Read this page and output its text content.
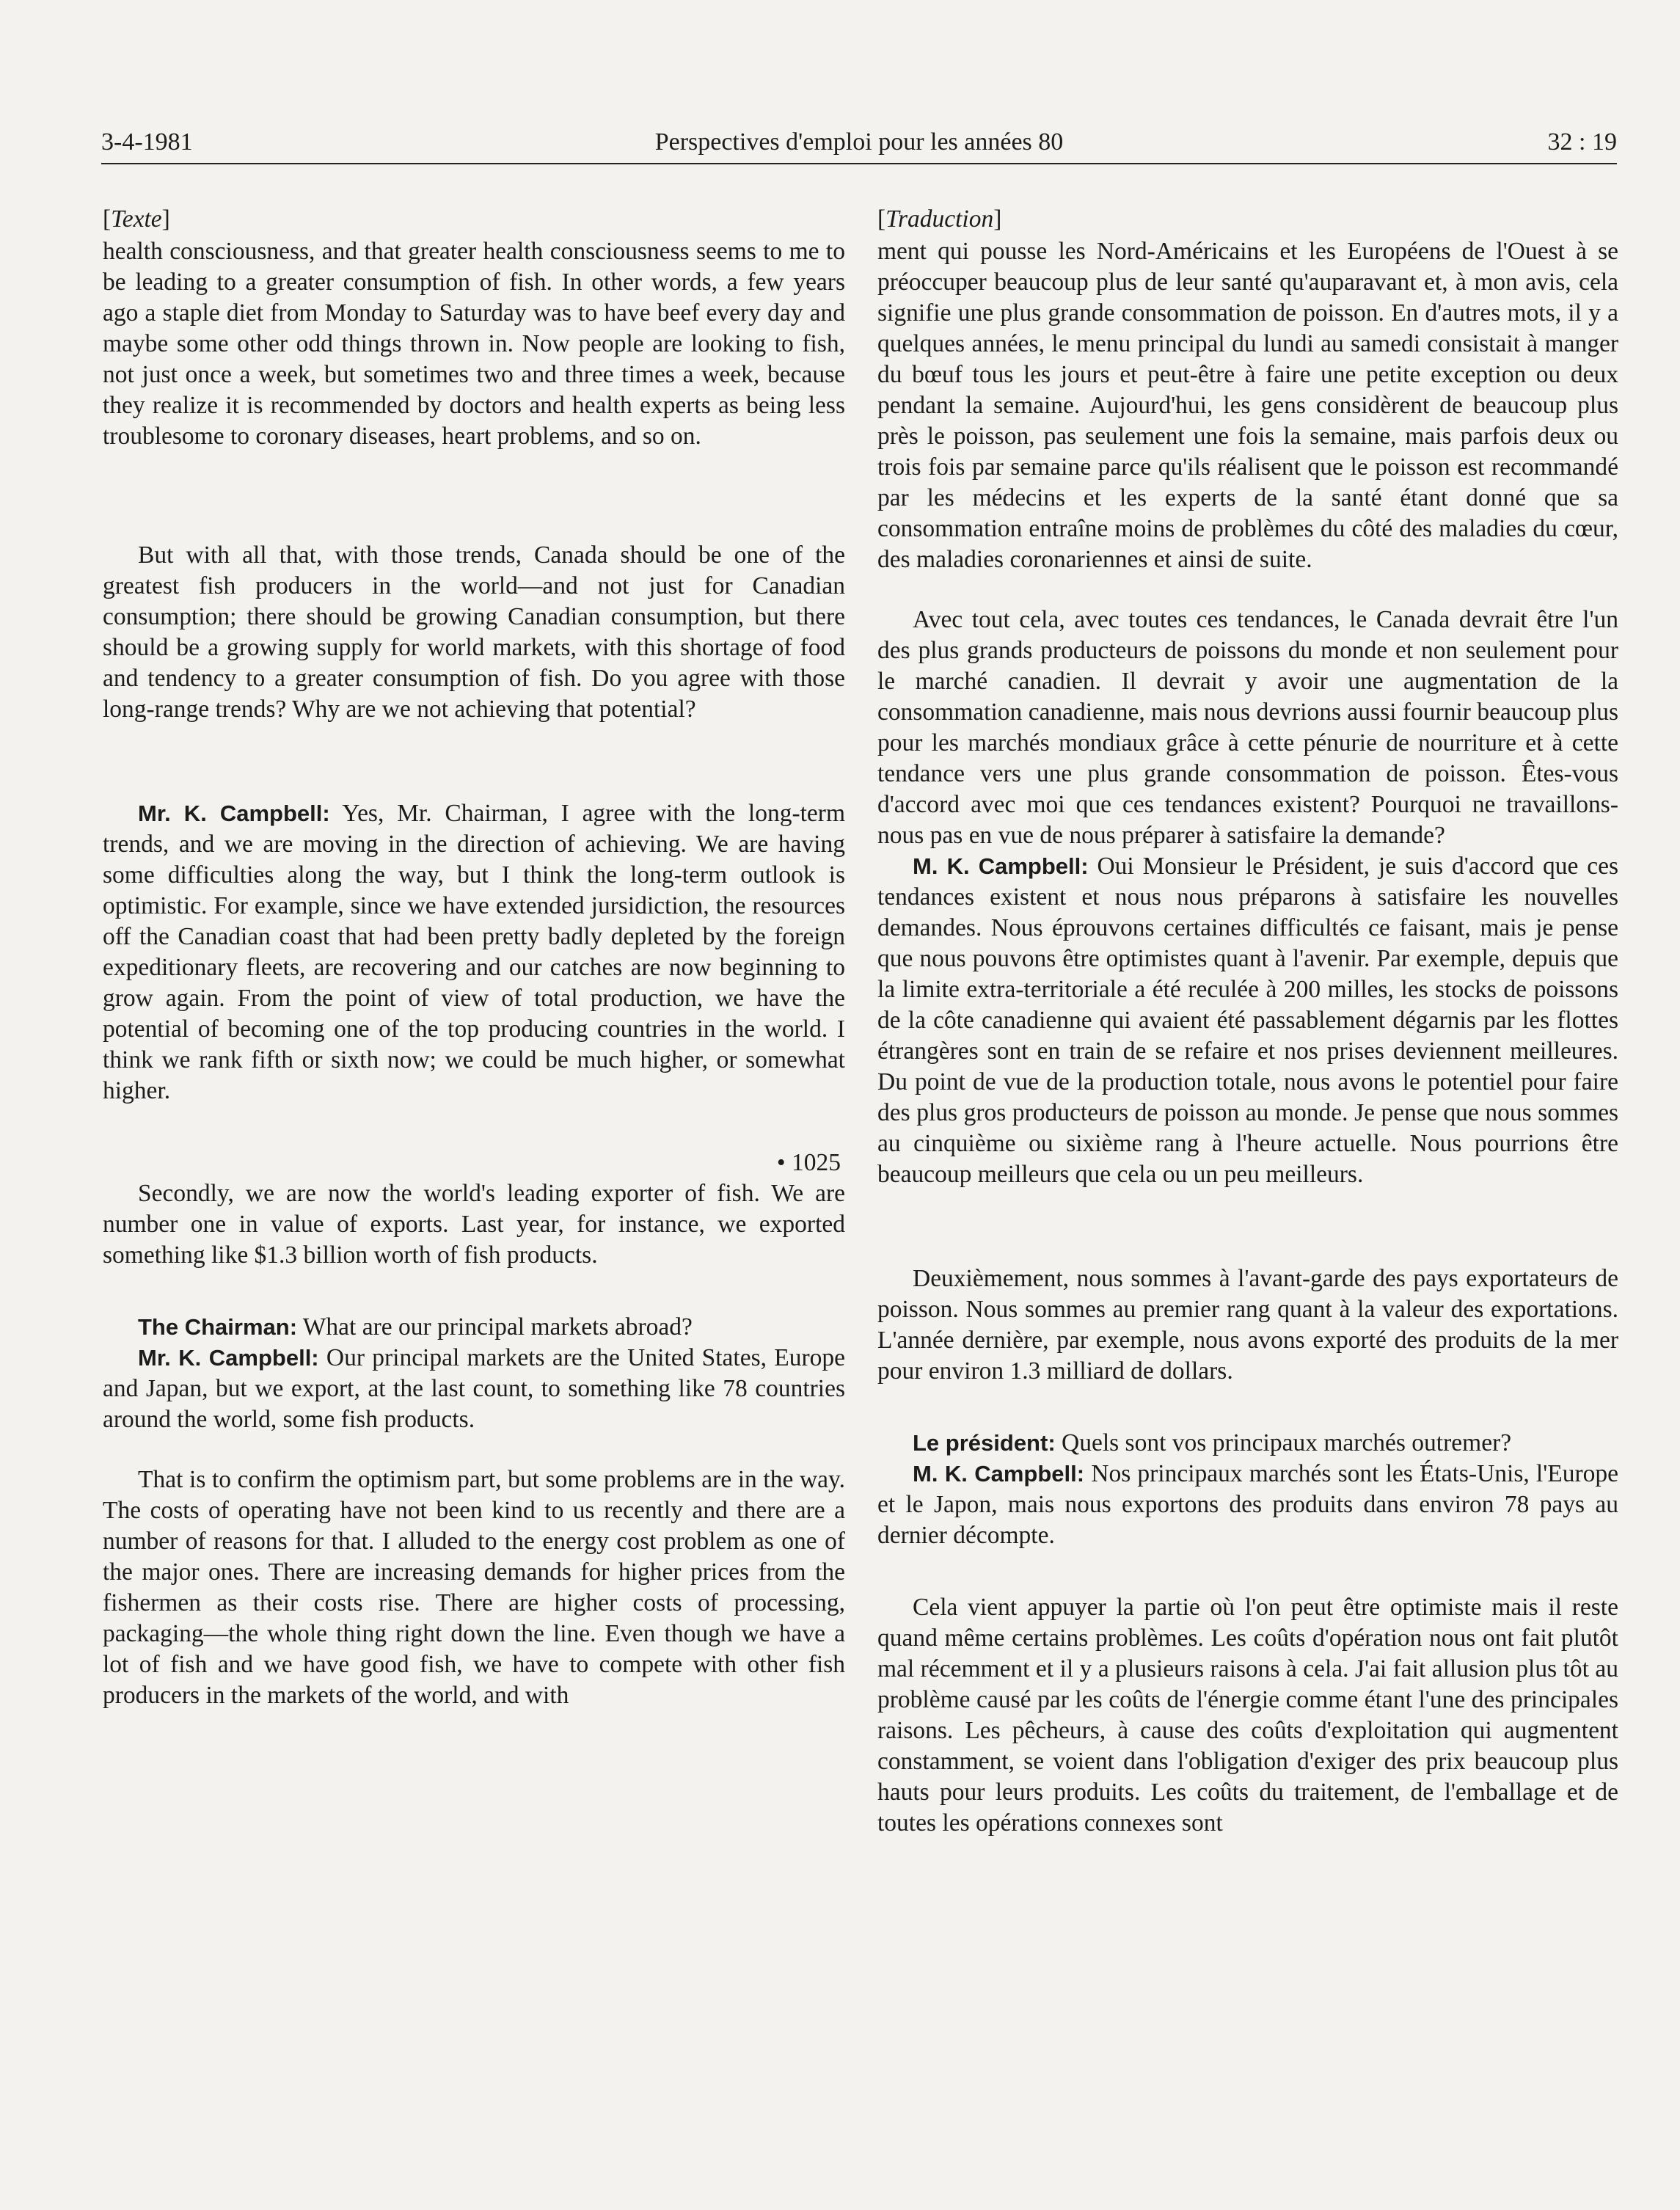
3-4-1981	Perspectives d'emploi pour les années 80	32 : 19
[Texte]

health consciousness, and that greater health consciousness seems to me to be leading to a greater consumption of fish. In other words, a few years ago a staple diet from Monday to Saturday was to have beef every day and maybe some other odd things thrown in. Now people are looking to fish, not just once a week, but sometimes two and three times a week, because they realize it is recommended by doctors and health experts as being less troublesome to coronary diseases, heart problems, and so on.

But with all that, with those trends, Canada should be one of the greatest fish producers in the world—and not just for Canadian consumption; there should be growing Canadian consumption, but there should be a growing supply for world markets, with this shortage of food and tendency to a greater consumption of fish. Do you agree with those long-range trends? Why are we not achieving that potential?

Mr. K. Campbell: Yes, Mr. Chairman, I agree with the long-term trends, and we are moving in the direction of achieving. We are having some difficulties along the way, but I think the long-term outlook is optimistic. For example, since we have extended jursidiction, the resources off the Canadian coast that had been pretty badly depleted by the foreign expeditionary fleets, are recovering and our catches are now beginning to grow again. From the point of view of total production, we have the potential of becoming one of the top producing countries in the world. I think we rank fifth or sixth now; we could be much higher, or somewhat higher.

• 1025

Secondly, we are now the world's leading exporter of fish. We are number one in value of exports. Last year, for instance, we exported something like $1.3 billion worth of fish products.

The Chairman: What are our principal markets abroad?

Mr. K. Campbell: Our principal markets are the United States, Europe and Japan, but we export, at the last count, to something like 78 countries around the world, some fish products.

That is to confirm the optimism part, but some problems are in the way. The costs of operating have not been kind to us recently and there are a number of reasons for that. I alluded to the energy cost problem as one of the major ones. There are increasing demands for higher prices from the fishermen as their costs rise. There are higher costs of processing, packaging—the whole thing right down the line. Even though we have a lot of fish and we have good fish, we have to compete with other fish producers in the markets of the world, and with

[Traduction]

ment qui pousse les Nord-Américains et les Européens de l'Ouest à se préoccuper beaucoup plus de leur santé qu'auparavant et, à mon avis, cela signifie une plus grande consommation de poisson. En d'autres mots, il y a quelques années, le menu principal du lundi au samedi consistait à manger du bœuf tous les jours et peut-être à faire une petite exception ou deux pendant la semaine. Aujourd'hui, les gens considèrent de beaucoup plus près le poisson, pas seulement une fois la semaine, mais parfois deux ou trois fois par semaine parce qu'ils réalisent que le poisson est recommandé par les médecins et les experts de la santé étant donné que sa consommation entraîne moins de problèmes du côté des maladies du cœur, des maladies coronariennes et ainsi de suite.

Avec tout cela, avec toutes ces tendances, le Canada devrait être l'un des plus grands producteurs de poissons du monde et non seulement pour le marché canadien. Il devrait y avoir une augmentation de la consommation canadienne, mais nous devrions aussi fournir beaucoup plus pour les marchés mondiaux grâce à cette pénurie de nourriture et à cette tendance vers une plus grande consommation de poisson. Êtes-vous d'accord avec moi que ces tendances existent? Pourquoi ne travaillons-nous pas en vue de nous préparer à satisfaire la demande?

M. K. Campbell: Oui Monsieur le Président, je suis d'accord que ces tendances existent et nous nous préparons à satisfaire les nouvelles demandes. Nous éprouvons certaines difficultés ce faisant, mais je pense que nous pouvons être optimistes quant à l'avenir. Par exemple, depuis que la limite extra-territoriale a été reculée à 200 milles, les stocks de poissons de la côte canadienne qui avaient été passablement dégarnis par les flottes étrangères sont en train de se refaire et nos prises deviennent meilleures. Du point de vue de la production totale, nous avons le potentiel pour faire des plus gros producteurs de poisson au monde. Je pense que nous sommes au cinquième ou sixième rang à l'heure actuelle. Nous pourrions être beaucoup meilleurs que cela ou un peu meilleurs.

Deuxièmement, nous sommes à l'avant-garde des pays exportateurs de poisson. Nous sommes au premier rang quant à la valeur des exportations. L'année dernière, par exemple, nous avons exporté des produits de la mer pour environ 1.3 milliard de dollars.

Le président: Quels sont vos principaux marchés outremer?

M. K. Campbell: Nos principaux marchés sont les États-Unis, l'Europe et le Japon, mais nous exportons des produits dans environ 78 pays au dernier décompte.

Cela vient appuyer la partie où l'on peut être optimiste mais il reste quand même certains problèmes. Les coûts d'opération nous ont fait plutôt mal récemment et il y a plusieurs raisons à cela. J'ai fait allusion plus tôt au problème causé par les coûts de l'énergie comme étant l'une des principales raisons. Les pêcheurs, à cause des coûts d'exploitation qui augmentent constamment, se voient dans l'obligation d'exiger des prix beaucoup plus hauts pour leurs produits. Les coûts du traitement, de l'emballage et de toutes les opérations connexes sont
